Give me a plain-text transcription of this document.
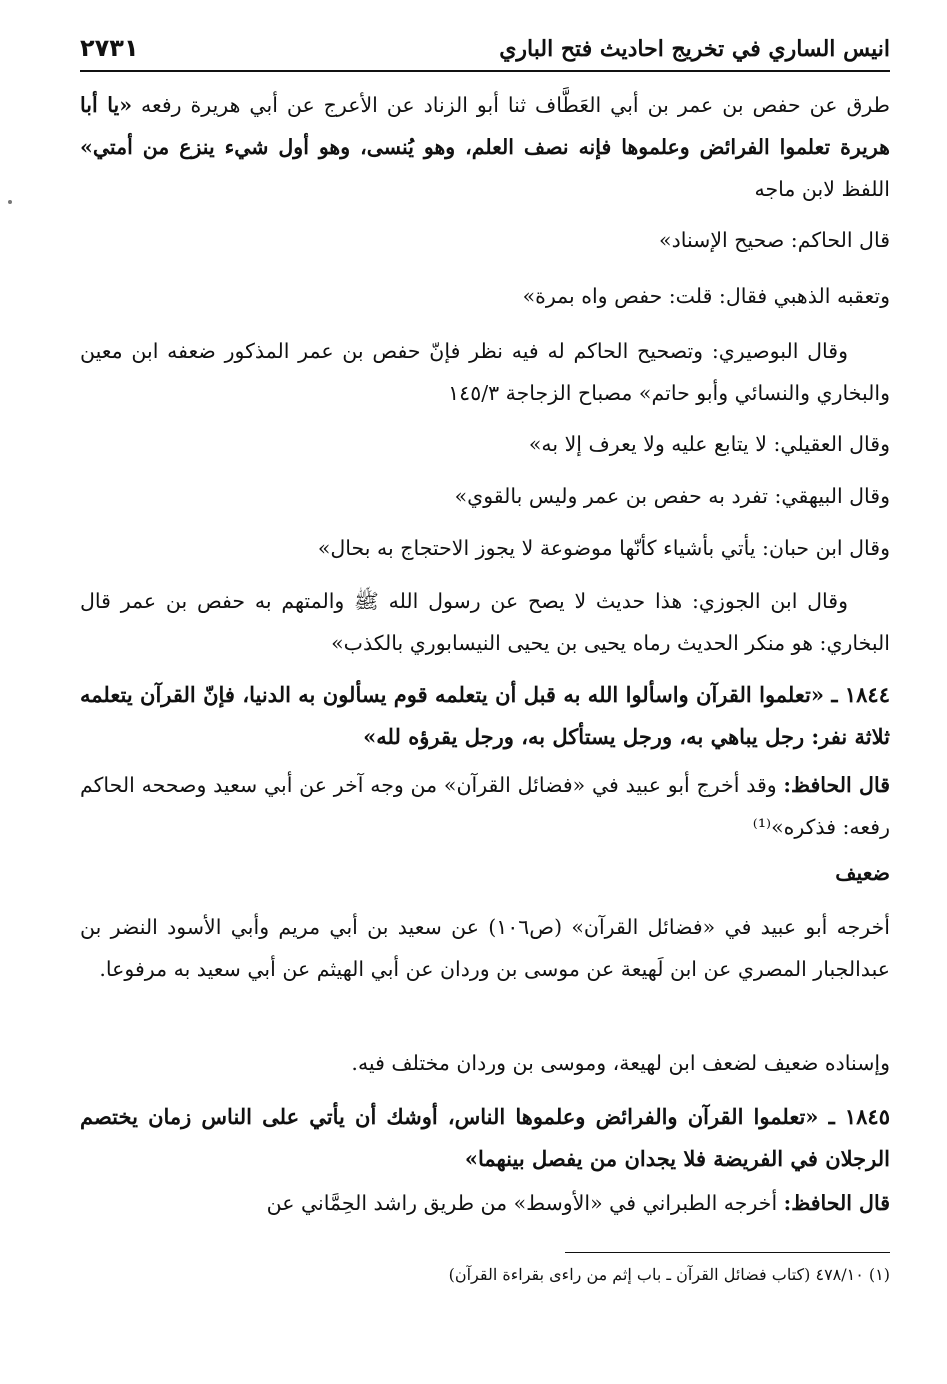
انيس الساري في تخريج احاديث فتح الباري
٢٧٣١

طرق عن حفص بن عمر بن أبي العَطَّاف ثنا أبو الزناد عن الأعرج عن أبي هريرة رفعه «يا أبا هريرة تعلموا الفرائض وعلموها فإنه نصف العلم، وهو يُنسى، وهو أول شيء ينزع من أمتي» اللفظ لابن ماجه

قال الحاكم: صحيح الإسناد»

وتعقبه الذهبي فقال: قلت: حفص واه بمرة»

وقال البوصيري: وتصحيح الحاكم له فيه نظر فإنّ حفص بن عمر المذكور ضعفه ابن معين والبخاري والنسائي وأبو حاتم» مصباح الزجاجة ١٤٥/٣

وقال العقيلي: لا يتابع عليه ولا يعرف إلا به»

وقال البيهقي: تفرد به حفص بن عمر وليس بالقوي»

وقال ابن حبان: يأتي بأشياء كأنّها موضوعة لا يجوز الاحتجاج به بحال»

وقال ابن الجوزي: هذا حديث لا يصح عن رسول الله ﷺ والمتهم به حفص بن عمر قال البخاري: هو منكر الحديث رماه يحيى بن يحيى النيسابوري بالكذب»

١٨٤٤ ـ «تعلموا القرآن واسألوا الله به قبل أن يتعلمه قوم يسألون به الدنيا، فإنّ القرآن يتعلمه ثلاثة نفر: رجل يباهي به، ورجل يستأكل به، ورجل يقرؤه لله»

قال الحافظ: وقد أخرج أبو عبيد في «فضائل القرآن» من وجه آخر عن أبي سعيد وصححه الحاكم رفعه: فذكره»⁽¹⁾

ضعيف

أخرجه أبو عبيد في «فضائل القرآن» (ص١٠٦) عن سعيد بن أبي مريم وأبي الأسود النضر بن عبدالجبار المصري عن ابن لَهيعة عن موسى بن وردان عن أبي الهيثم عن أبي سعيد به مرفوعا.

وإسناده ضعيف لضعف ابن لهيعة، وموسى بن وردان مختلف فيه.

١٨٤٥ ـ «تعلموا القرآن والفرائض وعلموها الناس، أوشك أن يأتي على الناس زمان يختصم الرجلان في الفريضة فلا يجدان من يفصل بينهما»

قال الحافظ: أخرجه الطبراني في «الأوسط» من طريق راشد الحِمَّاني عن

(١) ٤٧٨/١٠ (كتاب فضائل القرآن ـ باب إثم من راءى بقراءة القرآن)
